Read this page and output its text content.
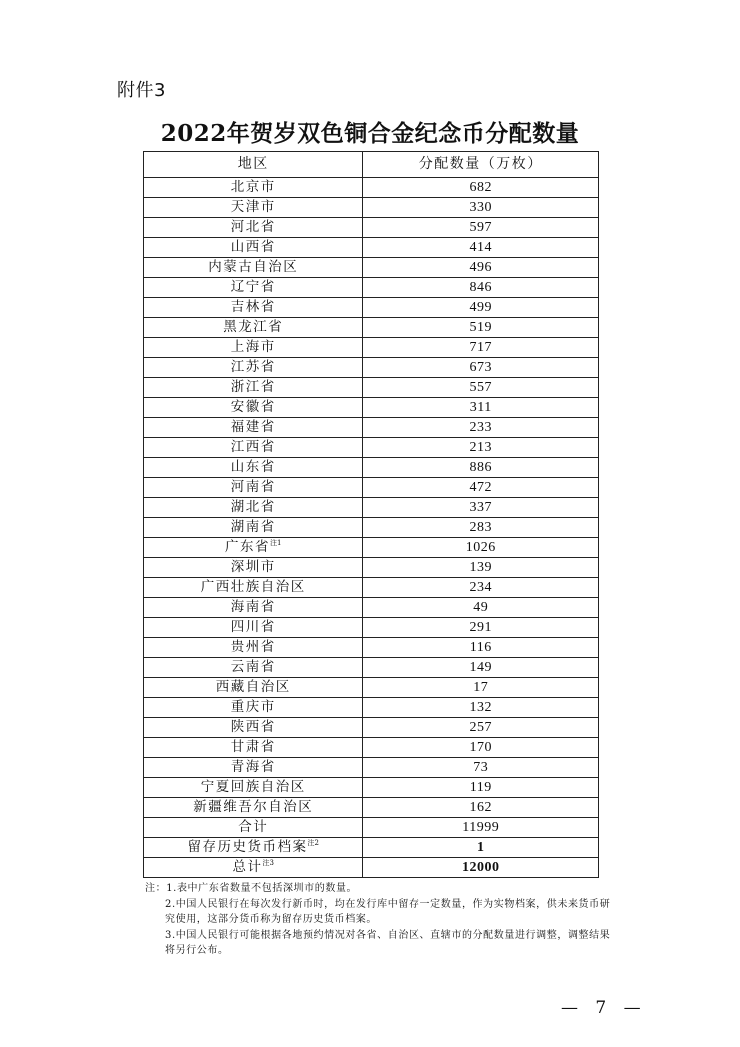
附件3
2022年贺岁双色铜合金纪念币分配数量
地区	分配数量（万枚）
北京市	682
天津市	330
河北省	597
山西省	414
内蒙古自治区	496
辽宁省	846
吉林省	499
黑龙江省	519
上海市	717
江苏省	673
浙江省	557
安徽省	311
福建省	233
江西省	213
山东省	886
河南省	472
湖北省	337
湖南省	283
广东省$^{注1}$	1026
深圳市	139
广西壮族自治区	234
海南省	49
四川省	291
贵州省	116
云南省	149
西藏自治区	17
重庆市	132
陕西省	257
甘肃省	170
青海省	73
宁夏回族自治区	119
新疆维吾尔自治区	162
合计	11999
留存历史货币档案$^{注2}$	1
总计$^{注3}$	12000

注：1.表中广东省数量不包括深圳市的数量。

2.中国人民银行在每次发行新币时，均在发行库中留存一定数量，作为实物档案，供未来货币研究使用，这部分货币称为留存历史货币档案。

3.中国人民银行可能根据各地预约情况对各省、自治区、直辖市的分配数量进行调整，调整结果将另行公布。

— 7 —
